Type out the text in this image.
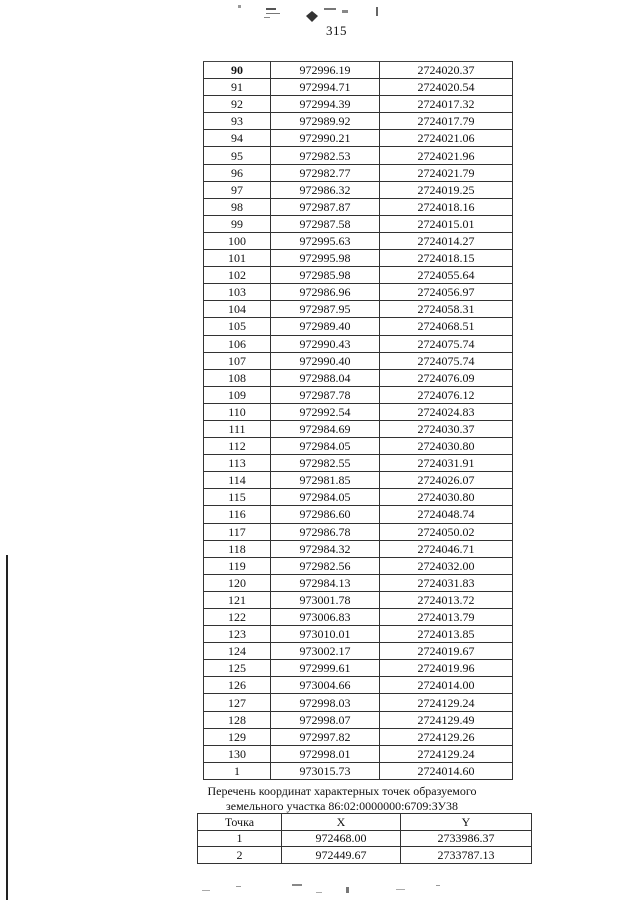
315
90	972996.19	2724020.37
91	972994.71	2724020.54
92	972994.39	2724017.32
93	972989.92	2724017.79
94	972990.21	2724021.06
95	972982.53	2724021.96
96	972982.77	2724021.79
97	972986.32	2724019.25
98	972987.87	2724018.16
99	972987.58	2724015.01
100	972995.63	2724014.27
101	972995.98	2724018.15
102	972985.98	2724055.64
103	972986.96	2724056.97
104	972987.95	2724058.31
105	972989.40	2724068.51
106	972990.43	2724075.74
107	972990.40	2724075.74
108	972988.04	2724076.09
109	972987.78	2724076.12
110	972992.54	2724024.83
111	972984.69	2724030.37
112	972984.05	2724030.80
113	972982.55	2724031.91
114	972981.85	2724026.07
115	972984.05	2724030.80
116	972986.60	2724048.74
117	972986.78	2724050.02
118	972984.32	2724046.71
119	972982.56	2724032.00
120	972984.13	2724031.83
121	973001.78	2724013.72
122	973006.83	2724013.79
123	973010.01	2724013.85
124	973002.17	2724019.67
125	972999.61	2724019.96
126	973004.66	2724014.00
127	972998.03	2724129.24
128	972998.07	2724129.49
129	972997.82	2724129.26
130	972998.01	2724129.24
1	973015.73	2724014.60
Перечень координат характерных точек образуемого
земельного участка 86:02:0000000:6709:ЗУ38
Точка	X	Y
1	972468.00	2733986.37
2	972449.67	2733787.13
